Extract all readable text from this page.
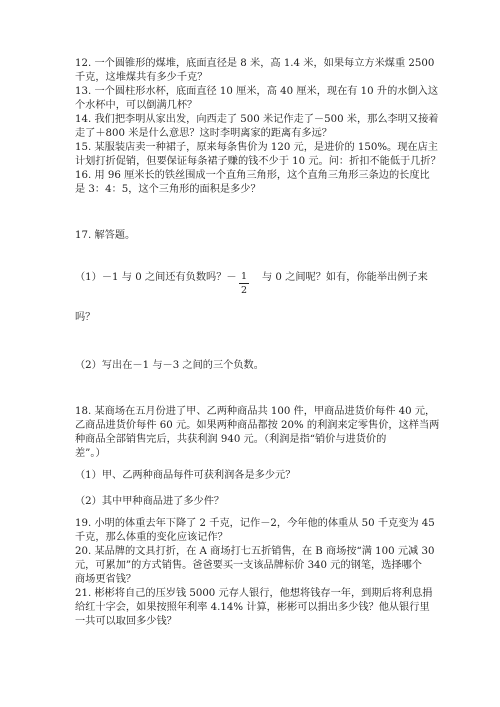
12. 一个圆锥形的煤堆，底面直径是 8 米，高 1.4 米，如果每立方米煤重 2500
千克，这堆煤共有多少千克？
13. 一个圆柱形水杯，底面直径 10 厘米，高 40 厘米，现在有 10 升的水倒入这
个水杯中，可以倒满几杯？
14. 我们把李明从家出发，向西走了 500 米记作走了－500 米，那么李明又接着
走了＋800 米是什么意思？这时李明离家的距离有多远？
15. 某服装店卖一种裙子，原来每条售价为 120 元，是进价的 150%。现在店主
计划打折促销，但要保证每条裙子赚的钱不少于 10 元。问：折扣不能低于几折？
16. 用 96 厘米长的铁丝围成一个直角三角形，这个直角三角形三条边的长度比
是 3：4：5，这个三角形的面积是多少？
17. 解答题。
（1）－1 与 0 之间还有负数吗？－ 1
2
与 0 之间呢？如有，你能举出例子来
吗？
（2）写出在－1 与－3 之间的三个负数。
18. 某商场在五月份进了甲、乙两种商品共 100 件，甲商品进货价每件 40 元，
乙商品进货价每件 60 元。如果两种商品都按 20% 的利润来定零售价，这样当两
种商品全部销售完后，共获利润 940 元。（利润是指“销价与进货价的
差”。）
（1）甲、乙两种商品每件可获利润各是多少元？
（2）其中甲种商品进了多少件？
19. 小明的体重去年下降了 2 千克，记作－2，今年他的体重从 50 千克变为 45
千克，那么体重的变化应该记作？
20. 某品牌的文具打折，在 A 商场打七五折销售，在 B 商场按“满 100 元减 30
元，可累加”的方式销售。爸爸要买一支该品牌标价 340 元的钢笔，选择哪个
商场更省钱？
21. 彬彬将自己的压岁钱 5000 元存人银行，他想将钱存一年，到期后将利息捐
给红十字会，如果按照年利率 4.14% 计算，彬彬可以捐出多少钱？他从银行里
一共可以取回多少钱？
